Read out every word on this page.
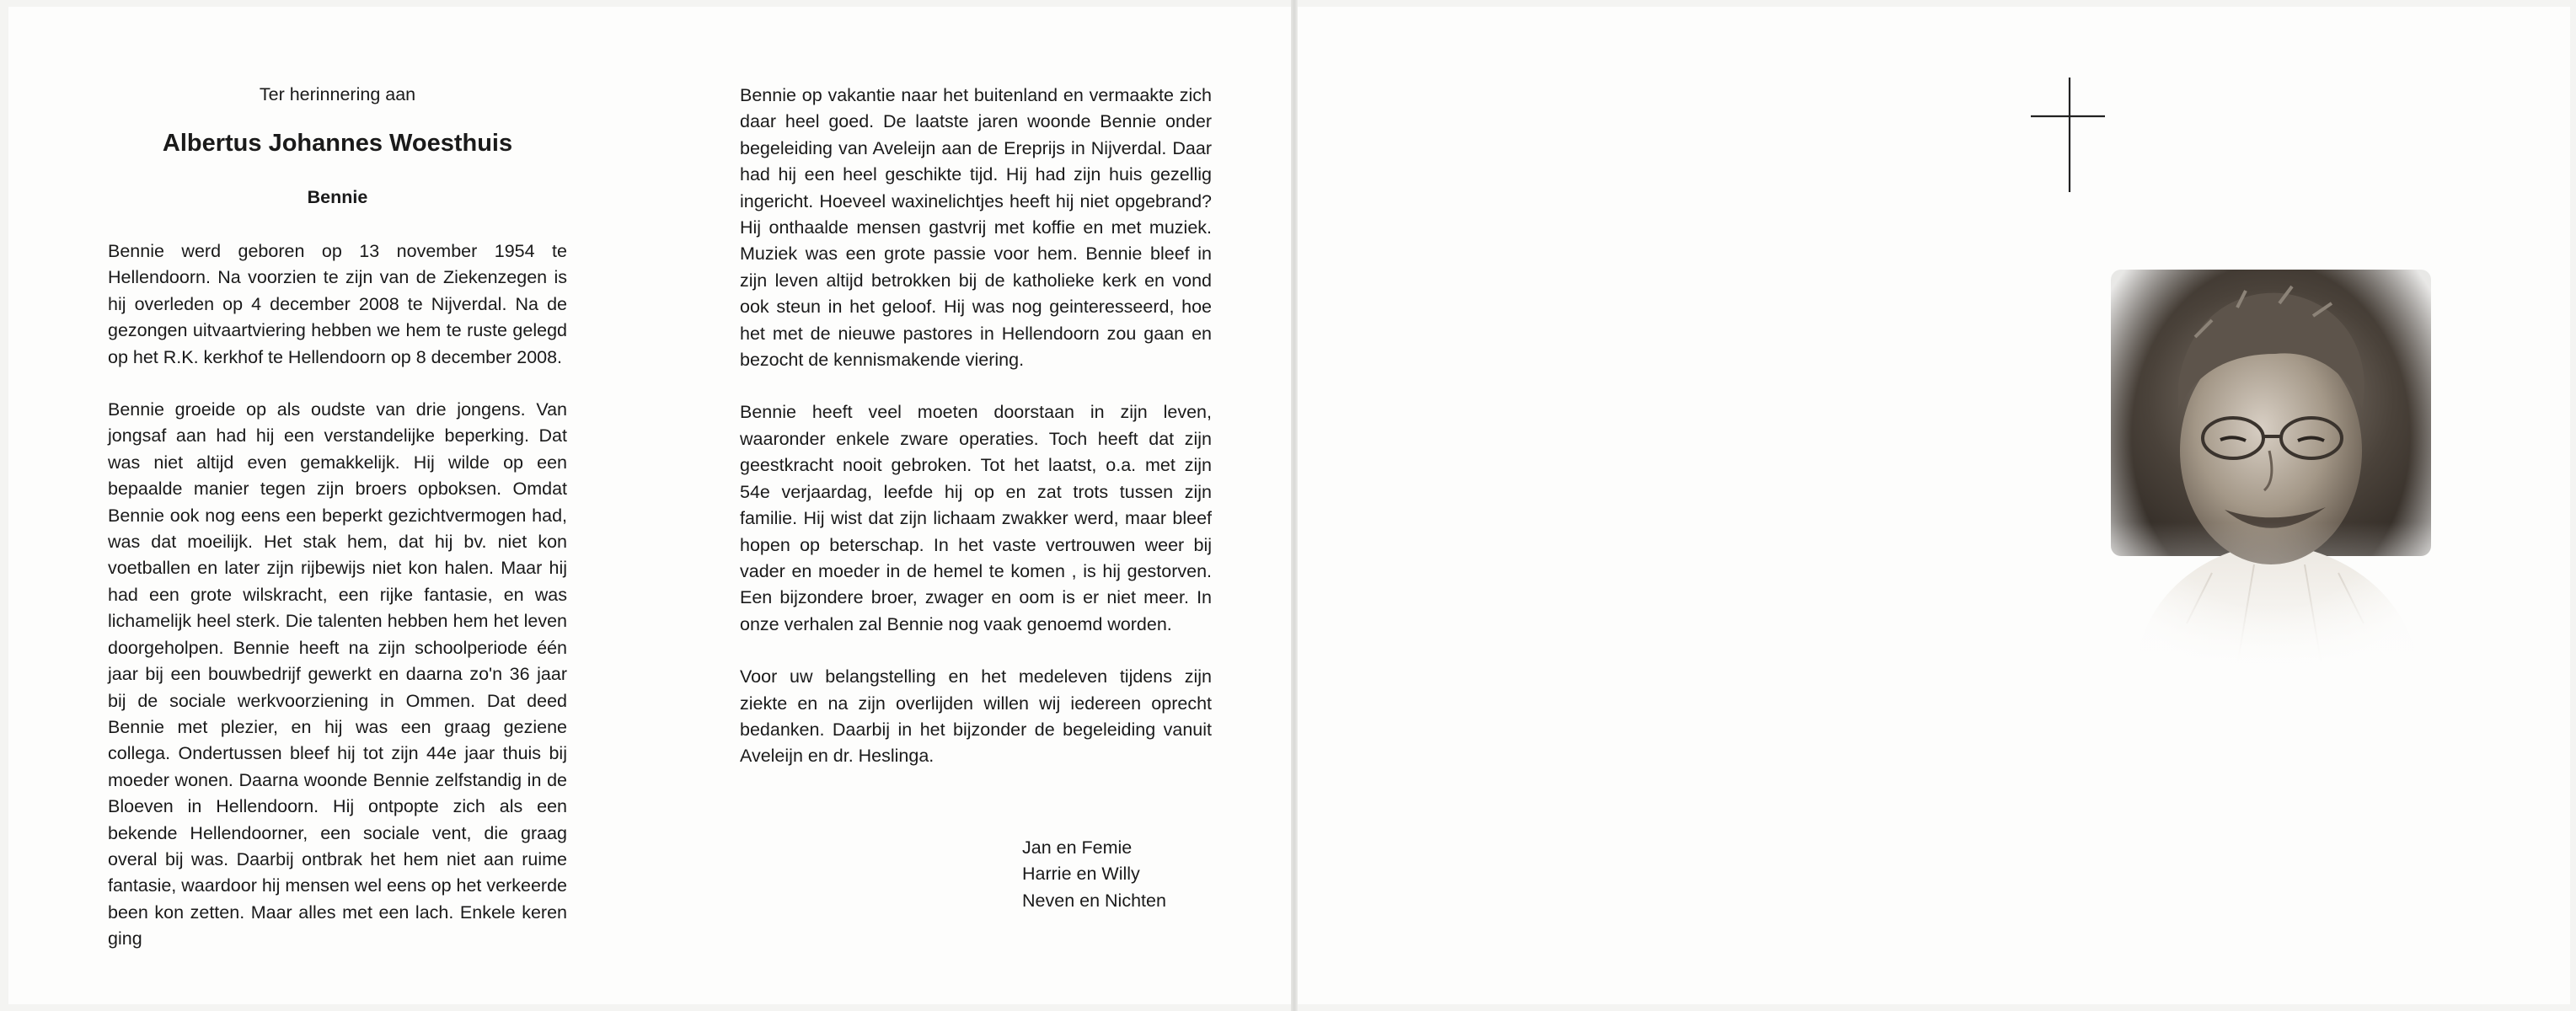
Ter herinnering aan
Albertus Johannes Woesthuis
Bennie

Bennie werd geboren op 13 november 1954 te Hellendoorn. Na voorzien te zijn van de Ziekenzegen is hij overleden op 4 december 2008 te Nijverdal. Na de gezongen uitvaartviering hebben we hem te ruste gelegd op het R.K. kerkhof te Hellendoorn op 8 december 2008.

Bennie groeide op als oudste van drie jongens. Van jongsaf aan had hij een verstandelijke beperking. Dat was niet altijd even gemakkelijk. Hij wilde op een bepaalde manier tegen zijn broers opboksen. Omdat Bennie ook nog eens een beperkt gezichtvermogen had, was dat moeilijk. Het stak hem, dat hij bv. niet kon voetballen en later zijn rijbewijs niet kon halen. Maar hij had een grote wilskracht, een rijke fantasie, en was lichamelijk heel sterk. Die talenten hebben hem het leven doorgeholpen. Bennie heeft na zijn schoolperiode één jaar bij een bouwbedrijf gewerkt en daarna zo'n 36 jaar bij de sociale werkvoorziening in Ommen. Dat deed Bennie met plezier, en hij was een graag geziene collega. Ondertussen bleef hij tot zijn 44e jaar thuis bij moeder wonen. Daarna woonde Bennie zelfstandig in de Bloeven in Hellendoorn. Hij ontpopte zich als een bekende Hellendoorner, een sociale vent, die graag overal bij was. Daarbij ontbrak het hem niet aan ruime fantasie, waardoor hij mensen wel eens op het verkeerde been kon zetten. Maar alles met een lach. Enkele keren ging

Bennie op vakantie naar het buitenland en vermaakte zich daar heel goed. De laatste jaren woonde Bennie onder begeleiding van Aveleijn aan de Ereprijs in Nijverdal. Daar had hij een heel geschikte tijd. Hij had zijn huis gezellig ingericht. Hoeveel waxinelichtjes heeft hij niet opgebrand? Hij onthaalde mensen gastvrij met koffie en met muziek. Muziek was een grote passie voor hem. Bennie bleef in zijn leven altijd betrokken bij de katholieke kerk en vond ook steun in het geloof. Hij was nog geinteresseerd, hoe het met de nieuwe pastores in Hellendoorn zou gaan en bezocht de kennismakende viering.

Bennie heeft veel moeten doorstaan in zijn leven, waaronder enkele zware operaties. Toch heeft dat zijn geestkracht nooit gebroken. Tot het laatst, o.a. met zijn 54e verjaardag, leefde hij op en zat trots tussen zijn familie. Hij wist dat zijn lichaam zwakker werd, maar bleef hopen op beterschap. In het vaste vertrouwen weer bij vader en moeder in de hemel te komen , is hij gestorven. Een bijzondere broer, zwager en oom is er niet meer. In onze verhalen zal Bennie nog vaak genoemd worden.

Voor uw belangstelling en het medeleven tijdens zijn ziekte en na zijn overlijden willen wij iedereen oprecht bedanken. Daarbij in het bijzonder de begeleiding vanuit Aveleijn en dr. Heslinga.

Jan en Femie
Harrie en Willy
Neven en Nichten
